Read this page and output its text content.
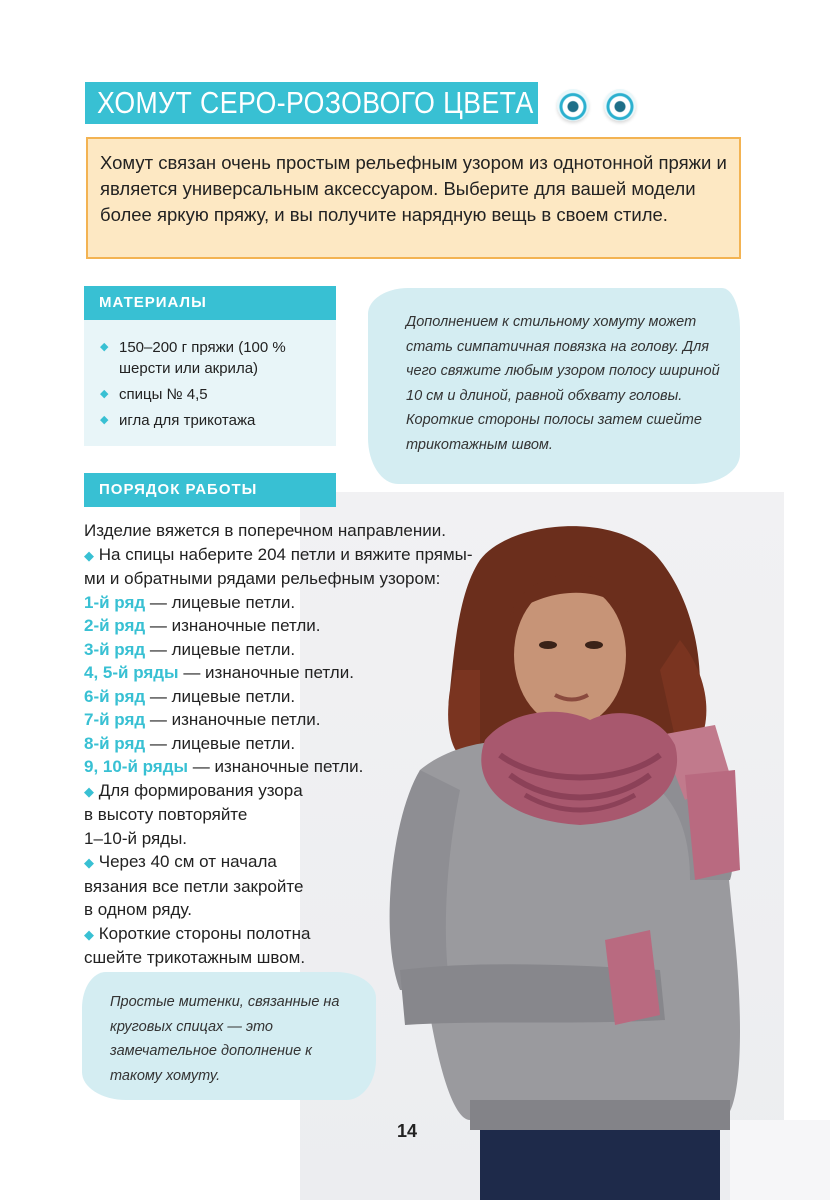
ХОМУТ СЕРО-РОЗОВОГО ЦВЕТА
Хомут связан очень простым рельефным узором из однотонной пряжи и является универсальным аксессуаром. Выберите для вашей модели более яркую пряжу, и вы получите нарядную вещь в своем стиле.
МАТЕРИАЛЫ
◆ 150–200 г пряжи (100 % шерсти или акрила)
◆ спицы № 4,5
◆ игла для трикотажа
Дополнением к стильному хомуту может стать симпатичная повязка на голову. Для чего свяжите любым узором полосу шириной 10 см и длиной, равной обхвату головы. Короткие стороны полосы затем сшейте трикотажным швом.
ПОРЯДОК РАБОТЫ
Изделие вяжется в поперечном направлении.
◆ На спицы наберите 204 петли и вяжите прямы-
ми и обратными рядами рельефным узором:
1-й ряд — лицевые петли.
2-й ряд — изнаночные петли.
3-й ряд — лицевые петли.
4, 5-й ряды — изнаночные петли.
6-й ряд — лицевые петли.
7-й ряд — изнаночные петли.
8-й ряд — лицевые петли.
9, 10-й ряды — изнаночные петли.
◆ Для формирования узора
в высоту повторяйте
1–10-й ряды.
◆ Через 40 см от начала
вязания все петли закройте
в одном ряду.
◆ Короткие стороны полотна
сшейте трикотажным швом.
Простые митенки, связанные на круговых спицах — это замечательное дополнение к такому хомуту.
14
